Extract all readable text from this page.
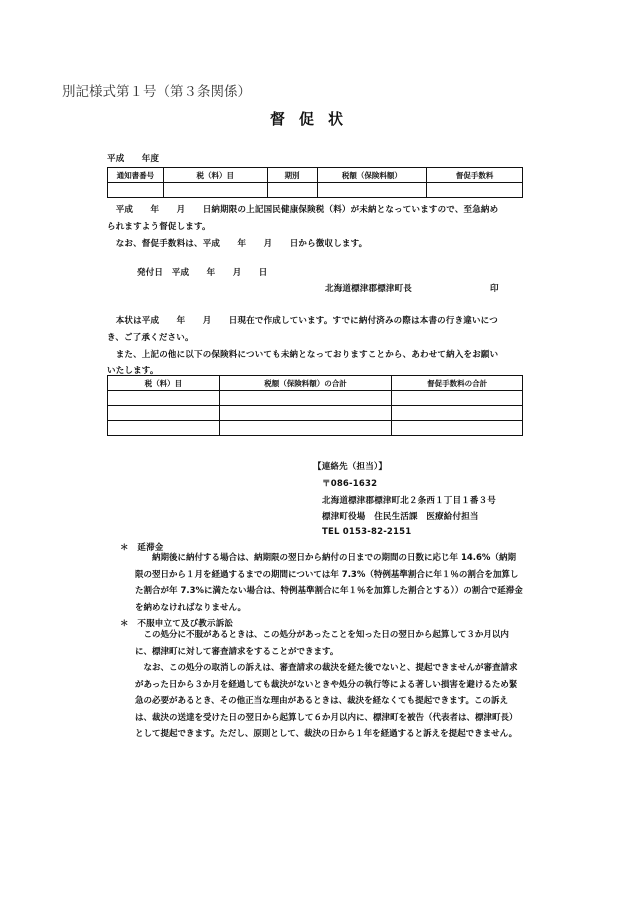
別記様式第１号（第３条関係）
督促状
平成　　年度
通知書番号	税（料）目	期別	税額（保険料額）	督促手数料

　平成　　年　　月　　日納期限の上記国民健康保険税（料）が未納となっていますので、至急納め
られますよう督促します。
　なお、督促手数料は、平成　　年　　月　　日から徴収します。
発付日　平成　　年　　月　　日
北海道標津郡標津町長	印
　本状は平成　　年　　月　　日現在で作成しています。すでに納付済みの際は本書の行き違いにつ
き、ご了承ください。
　また、上記の他に以下の保険料についても未納となっておりますことから、あわせて納入をお願い
いたします。
税（料）目	税額（保険料額）の合計	督促手数料の合計

【連絡先（担当）】
〒086-1632
北海道標津郡標津町北２条西１丁目１番３号
標津町役場　住民生活課　医療給付担当
TEL 0153-82-2151
＊　延滞金
　　納期後に納付する場合は、納期限の翌日から納付の日までの期間の日数に応じ年 14.6%（納期限の翌日から１月を経過するまでの期間については年 7.3%（特例基準割合に年１％の割合を加算した割合が年 7.3%に満たない場合は、特例基準割合に年１％を加算した割合とする））の割合で延滞金を納めなければなりません。
＊　不服申立て及び教示訴訟
　この処分に不服があるときは、この処分があったことを知った日の翌日から起算して３か月以内に、標津町に対して審査請求をすることができます。
　なお、この処分の取消しの訴えは、審査請求の裁決を経た後でないと、提起できませんが審査請求があった日から３か月を経過しても裁決がないときや処分の執行等による著しい損害を避けるため緊急の必要があるとき、その他正当な理由があるときは、裁決を経なくても提起できます。この訴えは、裁決の送達を受けた日の翌日から起算して６か月以内に、標津町を被告（代表者は、標津町長）として提起できます。ただし、原則として、裁決の日から１年を経過すると訴えを提起できません。
